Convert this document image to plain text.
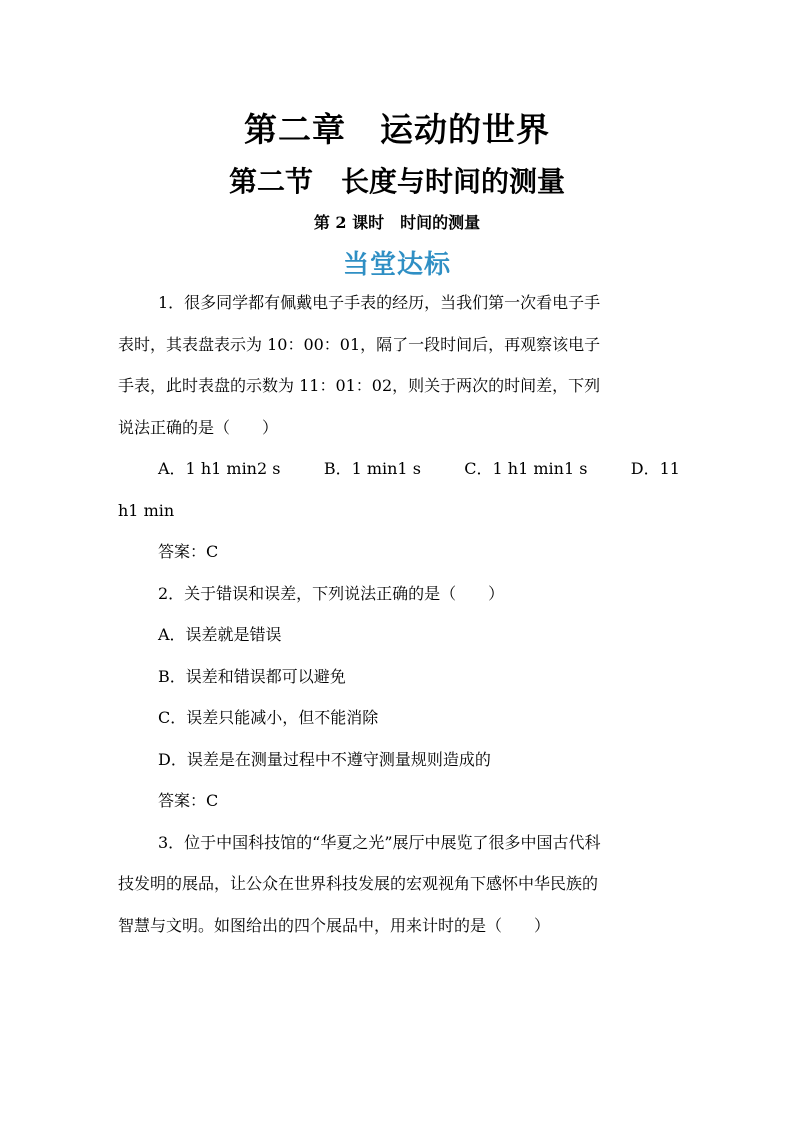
第二章　运动的世界
第二节　长度与时间的测量
第 2 课时　时间的测量
当堂达标

1．很多同学都有佩戴电子手表的经历，当我们第一次看电子手
表时，其表盘表示为 10：00：01，隔了一段时间后，再观察该电子
手表，此时表盘的示数为 11：01：02，则关于两次的时间差，下列
说法正确的是（　　）

A．1 h1 min2 s	B．1 min1 s	C．1 h1 min1 s	D．11

h1 min

答案：C

2．关于错误和误差，下列说法正确的是（　　）

A．误差就是错误

B．误差和错误都可以避免

C．误差只能减小，但不能消除

D．误差是在测量过程中不遵守测量规则造成的

答案：C

3．位于中国科技馆的“华夏之光”展厅中展览了很多中国古代科
技发明的展品，让公众在世界科技发展的宏观视角下感怀中华民族的
智慧与文明。如图给出的四个展品中，用来计时的是（　　）
